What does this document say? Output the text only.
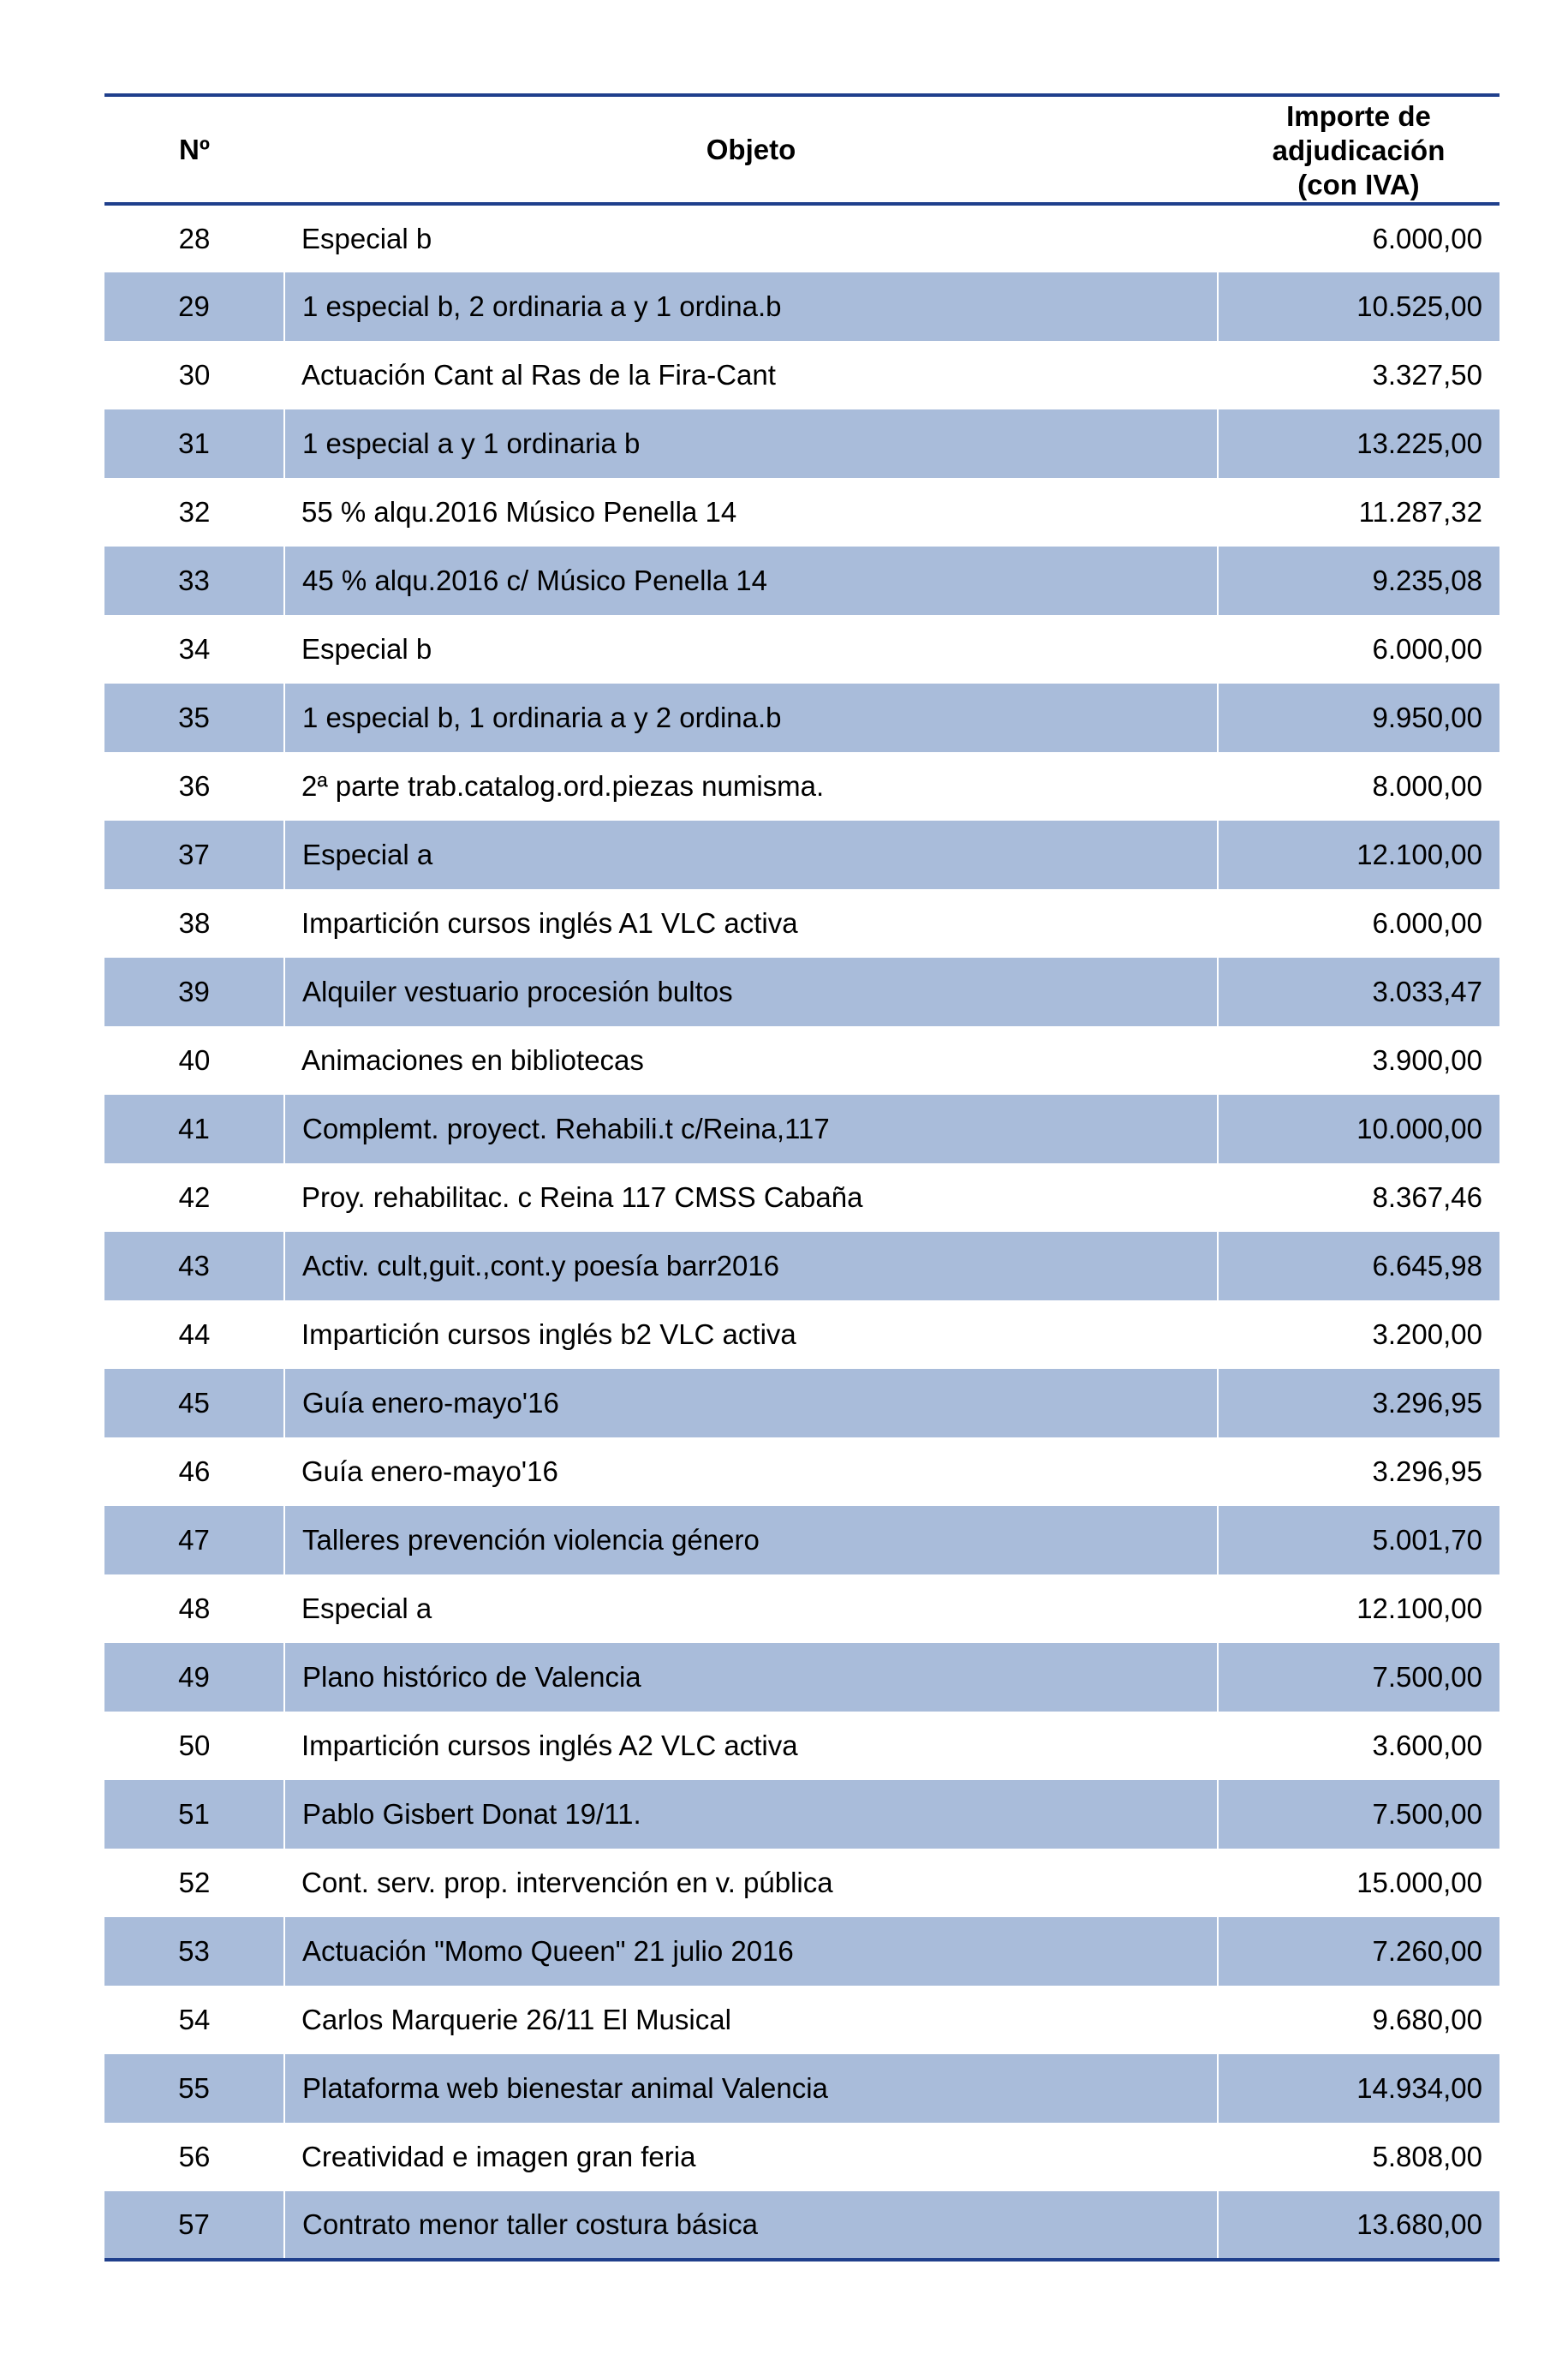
Nº	Objeto	Importe de
adjudicación
(con IVA)

28	Especial b	6.000,00
29	1 especial b, 2 ordinaria a y 1 ordina.b	10.525,00
30	Actuación Cant al Ras de la Fira-Cant	3.327,50
31	1 especial a y 1 ordinaria b	13.225,00
32	55 % alqu.2016 Músico Penella 14	11.287,32
33	45 % alqu.2016 c/ Músico Penella 14	9.235,08
34	Especial b	6.000,00
35	1 especial b, 1 ordinaria a y 2 ordina.b	9.950,00
36	2ª parte trab.catalog.ord.piezas numisma.	8.000,00
37	Especial a	12.100,00
38	Impartición cursos inglés A1 VLC activa	6.000,00
39	Alquiler vestuario procesión bultos	3.033,47
40	Animaciones en bibliotecas	3.900,00
41	Complemt. proyect. Rehabili.t c/Reina,117	10.000,00
42	Proy. rehabilitac. c Reina 117 CMSS Cabaña	8.367,46
43	Activ. cult,guit.,cont.y poesía barr2016	6.645,98
44	Impartición cursos inglés b2 VLC activa	3.200,00
45	Guía enero-mayo'16	3.296,95
46	Guía enero-mayo'16	3.296,95
47	Talleres prevención violencia género	5.001,70
48	Especial a	12.100,00
49	Plano histórico de Valencia	7.500,00
50	Impartición cursos inglés A2 VLC activa	3.600,00
51	Pablo Gisbert Donat 19/11.	7.500,00
52	Cont. serv. prop. intervención en v. pública	15.000,00
53	Actuación "Momo Queen" 21 julio 2016	7.260,00
54	Carlos Marquerie 26/11 El Musical	9.680,00
55	Plataforma web bienestar animal Valencia	14.934,00
56	Creatividad e imagen gran feria	5.808,00
57	Contrato menor taller costura básica	13.680,00
